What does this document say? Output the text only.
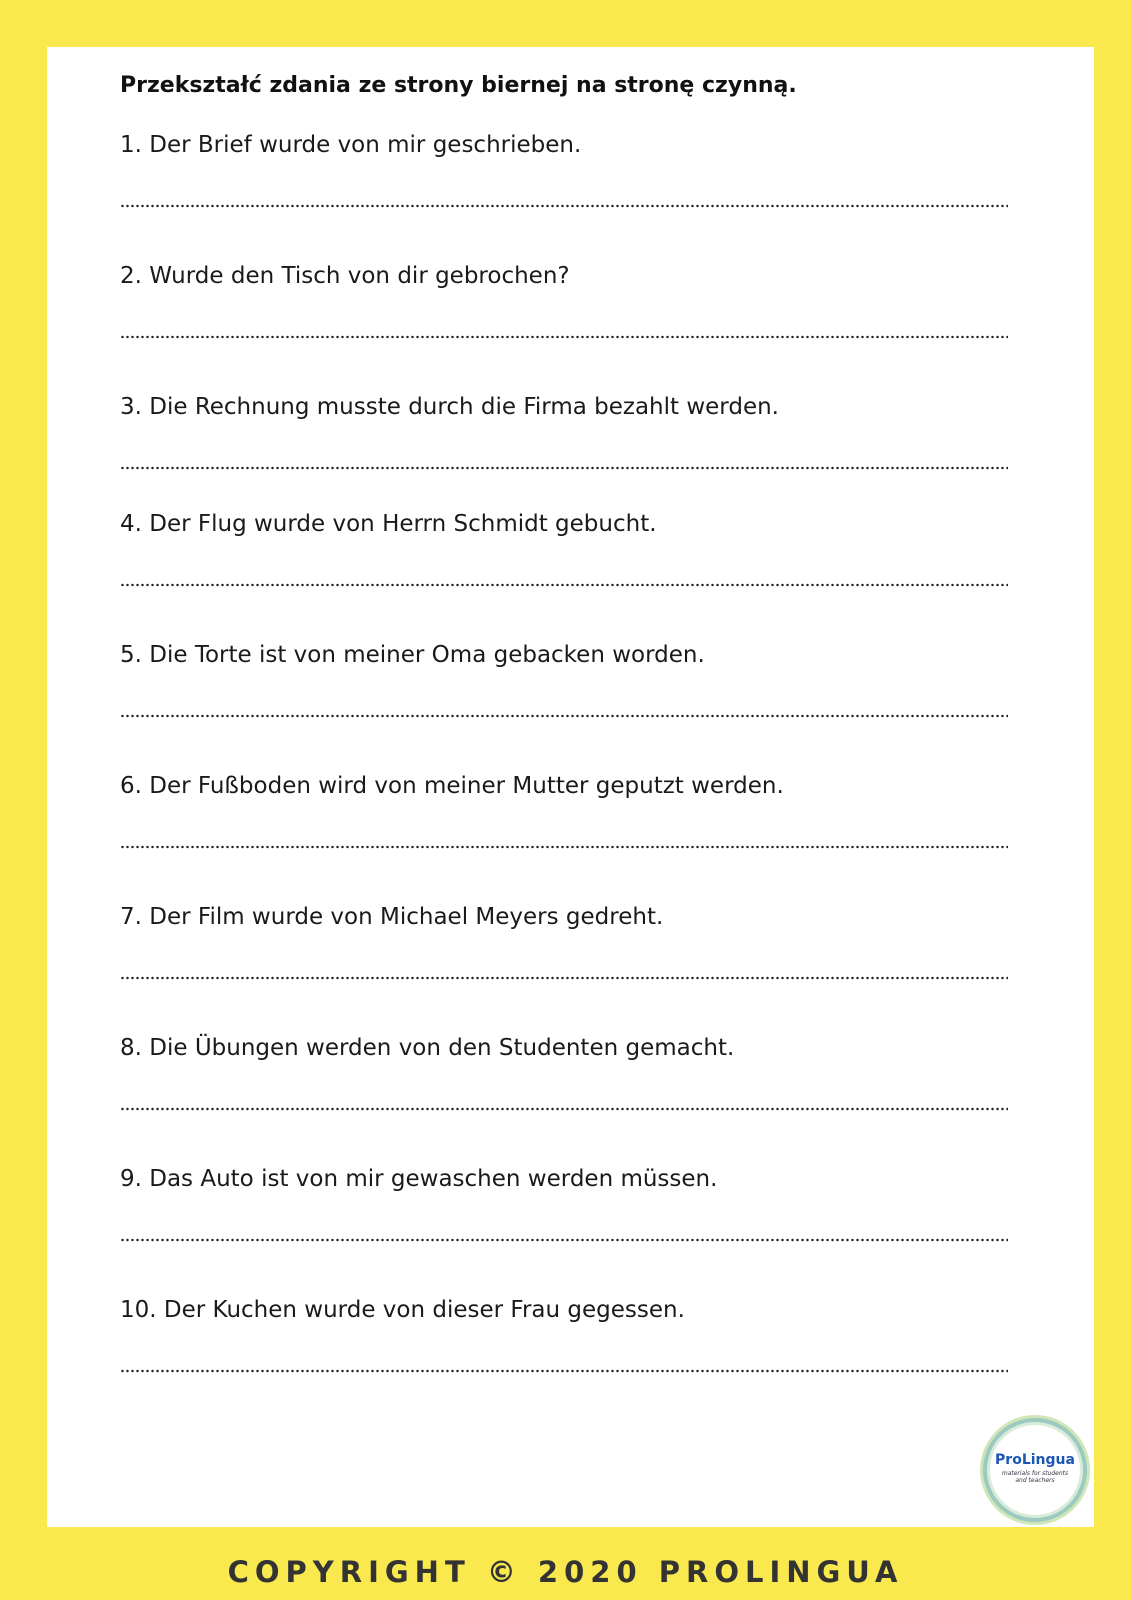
Przekształć zdania ze strony biernej na stronę czynną.
1. Der Brief wurde von mir geschrieben.
2. Wurde den Tisch von dir gebrochen?
3. Die Rechnung musste durch die Firma bezahlt werden.
4. Der Flug wurde von Herrn Schmidt gebucht.
5. Die Torte ist von meiner Oma gebacken worden.
6. Der Fußboden wird von meiner Mutter geputzt werden.
7. Der Film wurde von Michael Meyers gedreht.
8. Die Übungen werden von den Studenten gemacht.
9. Das Auto ist von mir gewaschen werden müssen.
10. Der Kuchen wurde von dieser Frau gegessen.
ProLingua
materials for students and teachers
COPYRIGHT © 2020 PROLINGUA
